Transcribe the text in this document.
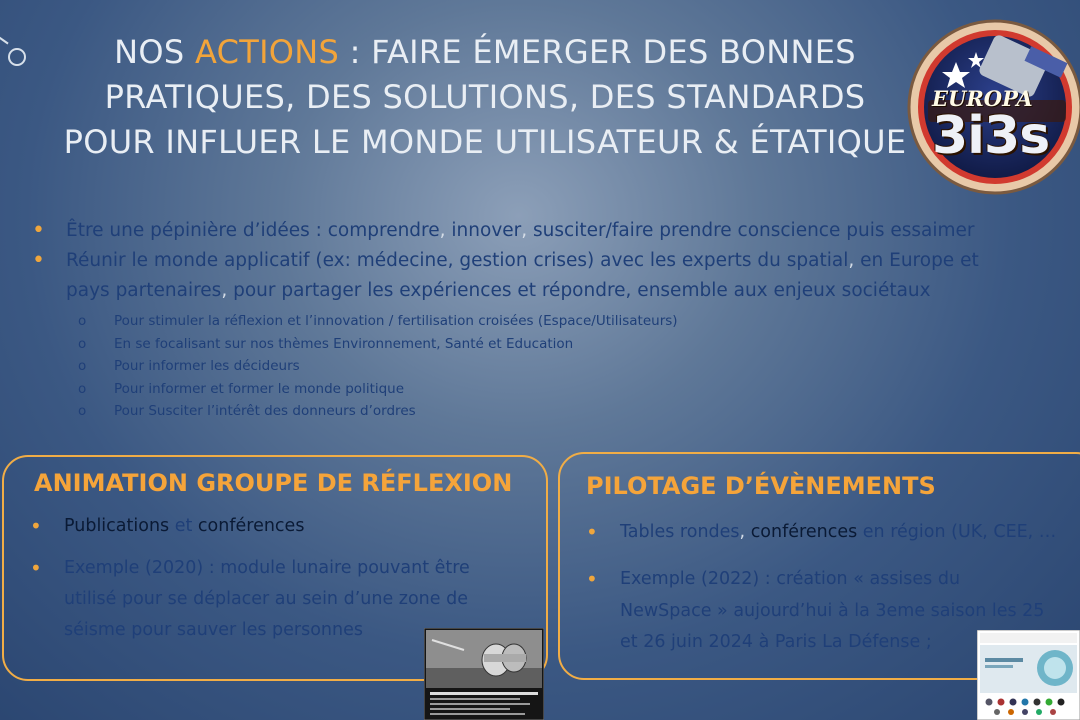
NOS ACTIONS : FAIRE ÉMERGER DES BONNES
PRATIQUES, DES SOLUTIONS, DES STANDARDS
POUR INFLUER LE MONDE UTILISATEUR & ÉTATIQUE
EUROPA
3i3s
• Être une pépinière d’idées : comprendre, innover, susciter/faire prendre conscience puis essaimer
• Réunir le monde applicatif (ex: médecine, gestion crises) avec les experts du spatial, en Europe et
pays partenaires, pour partager les expériences et répondre, ensemble aux enjeux sociétaux
o Pour stimuler la réflexion et l’innovation / fertilisation croisées (Espace/Utilisateurs)
o En se focalisant sur nos thèmes Environnement, Santé et Education
o Pour informer les décideurs
o Pour informer et former le monde politique
o Pour Susciter l’intérêt des donneurs d’ordres
ANIMATION GROUPE DE RÉFLEXION
• Publications et conférences
• Exemple (2020) : module lunaire pouvant être
utilisé pour se déplacer au sein d’une zone de
séisme pour sauver les personnes
PILOTAGE D’ÉVÈNEMENTS
• Tables rondes, conférences en région (UK, CEE, …
• Exemple (2022) : création « assises du
NewSpace » aujourd’hui à la 3eme saison les 25
et 26 juin 2024 à Paris La Défense ;
